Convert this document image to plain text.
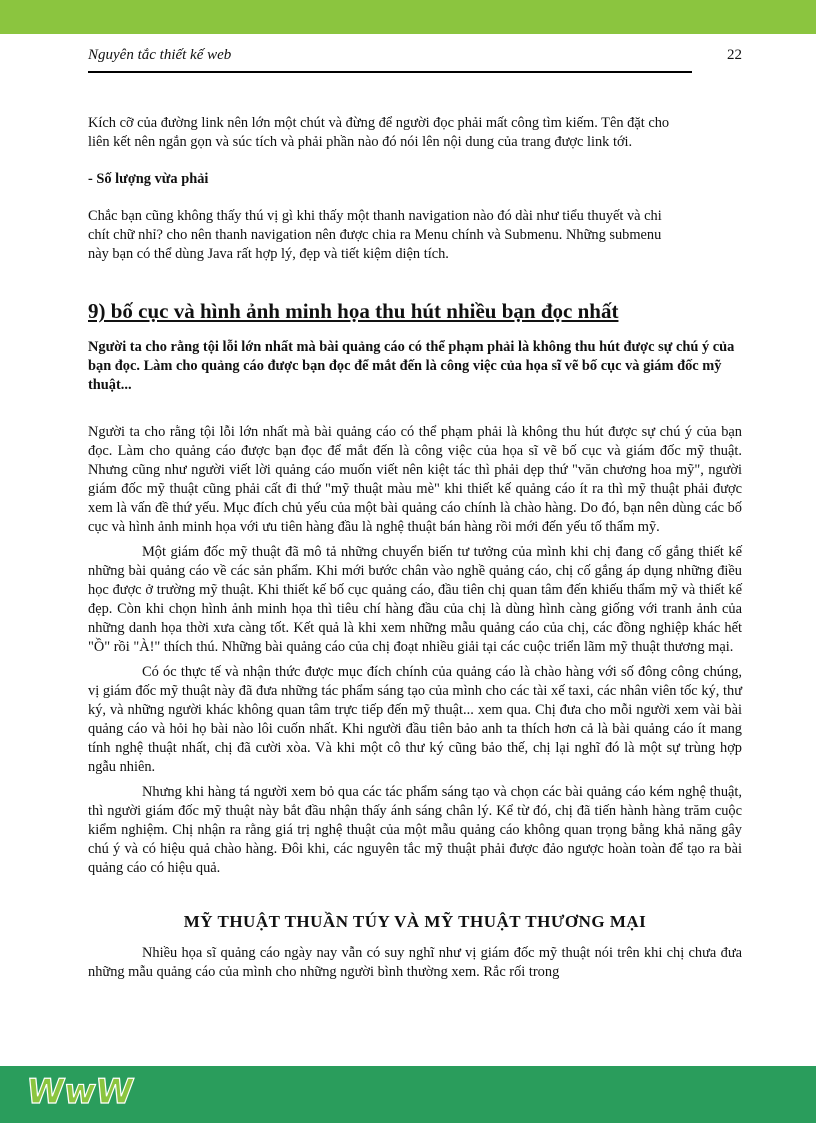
Nguyên tắc thiết kế web	22

Kích cỡ của đường link nên lớn một chút và đừng để người đọc phải mất công tìm kiếm. Tên đặt cho liên kết nên ngắn gọn và súc tích và phải phần nào đó nói lên nội dung của trang được link tới.

- Số lượng vừa phải

Chắc bạn cũng không thấy thú vị gì khi thấy một thanh navigation nào đó dài như tiểu thuyết và chi chít chữ nhỉ? cho nên thanh navigation nên được chia ra Menu chính và Submenu. Những submenu này bạn có thể dùng Java rất hợp lý, đẹp và tiết kiệm diện tích.

9) bố cục và hình ảnh minh họa thu hút nhiều bạn đọc nhất

Người ta cho rằng tội lỗi lớn nhất mà bài quảng cáo có thể phạm phải là không thu hút được sự chú ý của bạn đọc. Làm cho quảng cáo được bạn đọc để mắt đến là công việc của họa sĩ vẽ bố cục và giám đốc mỹ thuật...

Người ta cho rằng tội lỗi lớn nhất mà bài quảng cáo có thể phạm phải là không thu hút được sự chú ý của bạn đọc. Làm cho quảng cáo được bạn đọc để mắt đến là công việc của họa sĩ vẽ bố cục và giám đốc mỹ thuật. Nhưng cũng như người viết lời quảng cáo muốn viết nên kiệt tác thì phải dẹp thứ "văn chương hoa mỹ", người giám đốc mỹ thuật cũng phải cất đi thứ "mỹ thuật màu mè" khi thiết kế quảng cáo ít ra thì mỹ thuật phải được xem là vấn đề thứ yếu. Mục đích chủ yếu của một bài quảng cáo chính là chào hàng. Do đó, bạn nên dùng các bố cục và hình ảnh minh họa với ưu tiên hàng đầu là nghệ thuật bán hàng rồi mới đến yếu tố thẩm mỹ.

Một giám đốc mỹ thuật đã mô tả những chuyển biến tư tưởng của mình khi chị đang cố gắng thiết kế những bài quảng cáo về các sản phẩm. Khi mới bước chân vào nghề quảng cáo, chị cố gắng áp dụng những điều học được ở trường mỹ thuật. Khi thiết kế bố cục quảng cáo, đầu tiên chị quan tâm đến khiếu thẩm mỹ và thiết kế đẹp. Còn khi chọn hình ảnh minh họa thì tiêu chí hàng đầu của chị là dùng hình càng giống với tranh ảnh của những danh họa thời xưa càng tốt. Kết quả là khi xem những mẫu quảng cáo của chị, các đồng nghiệp khác hết "Ồ" rồi "À!" thích thú. Những bài quảng cáo của chị đoạt nhiều giải tại các cuộc triển lãm mỹ thuật thương mại.

Có óc thực tế và nhận thức được mục đích chính của quảng cáo là chào hàng với số đông công chúng, vị giám đốc mỹ thuật này đã đưa những tác phẩm sáng tạo của mình cho các tài xế taxi, các nhân viên tốc ký, thư ký, và những người khác không quan tâm trực tiếp đến mỹ thuật... xem qua. Chị đưa cho mỗi người xem vài bài quảng cáo và hỏi họ bài nào lôi cuốn nhất. Khi người đầu tiên bảo anh ta thích hơn cả là bài quảng cáo ít mang tính nghệ thuật nhất, chị đã cười xòa. Và khi một cô thư ký cũng bảo thế, chị lại nghĩ đó là một sự trùng hợp ngẫu nhiên.

Nhưng khi hàng tá người xem bỏ qua các tác phẩm sáng tạo và chọn các bài quảng cáo kém nghệ thuật, thì người giám đốc mỹ thuật này bắt đầu nhận thấy ánh sáng chân lý. Kể từ đó, chị đã tiến hành hàng trăm cuộc kiểm nghiệm. Chị nhận ra rằng giá trị nghệ thuật của một mẫu quảng cáo không quan trọng bằng khả năng gây chú ý và có hiệu quả chào hàng. Đôi khi, các nguyên tắc mỹ thuật phải được đảo ngược hoàn toàn để tạo ra bài quảng cáo có hiệu quả.

MỸ THUẬT THUẦN TÚY VÀ MỸ THUẬT THƯƠNG MẠI

Nhiều họa sĩ quảng cáo ngày nay vẫn có suy nghĩ như vị giám đốc mỹ thuật nói trên khi chị chưa đưa những mẫu quảng cáo của mình cho những người bình thường xem. Rắc rối trong

WwW
